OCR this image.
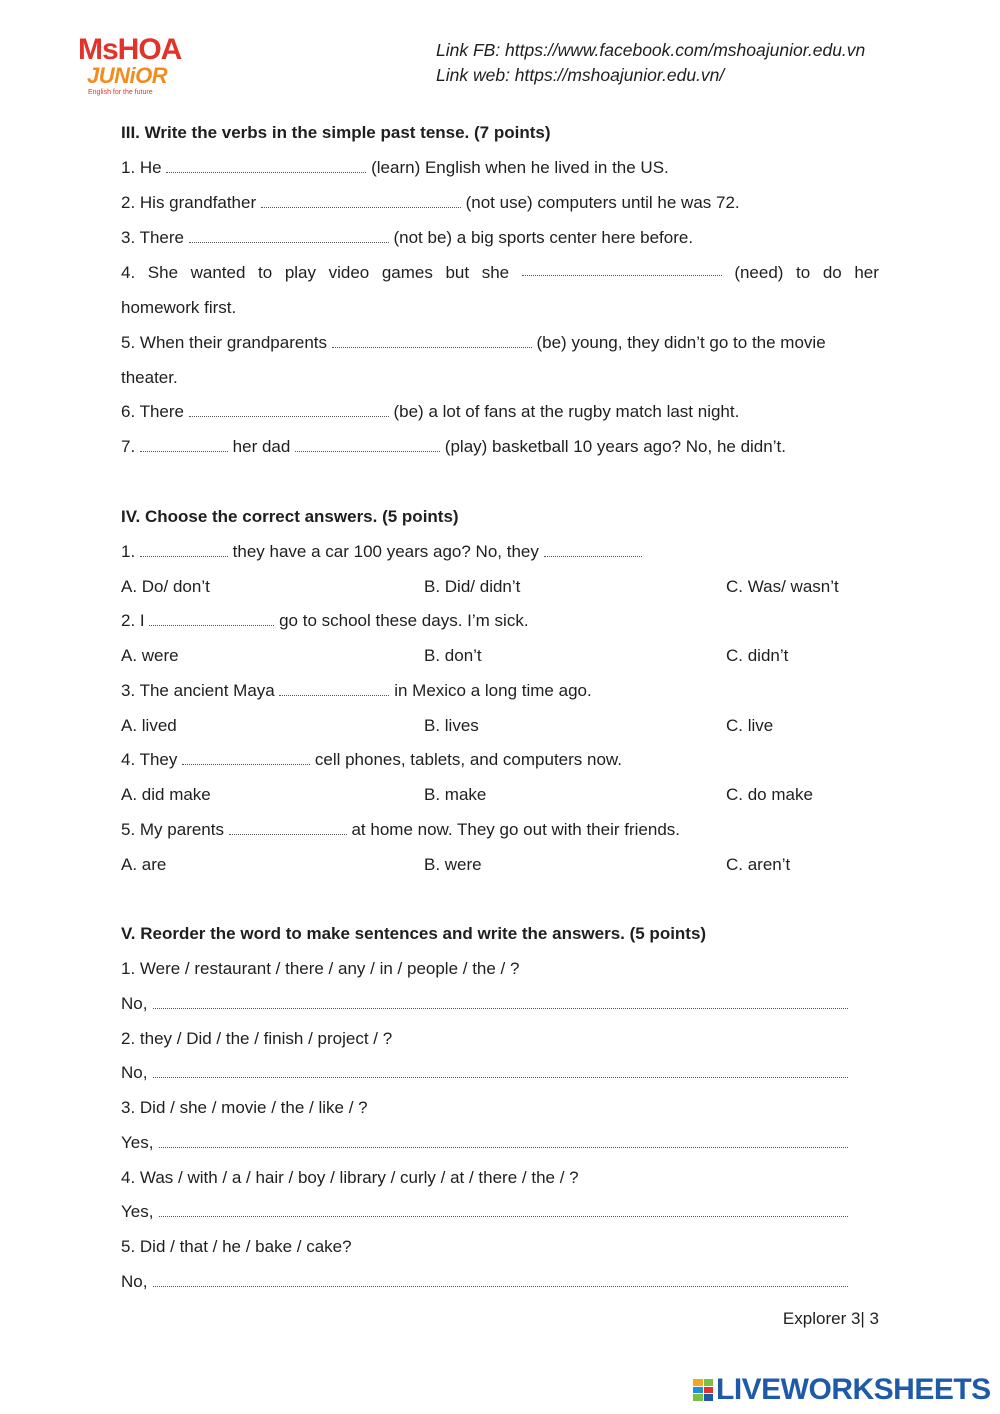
MsHOA
JUNiOR
English for the future
Link FB: https://www.facebook.com/mshoajunior.edu.vn
Link web: https://mshoajunior.edu.vn/
III. Write the verbs in the simple past tense. (7 points)
1. He	(learn) English when he lived in the US.
2. His grandfather	(not use) computers until he was 72.
3. There	(not be) a big sports center here before.
4. She wanted to play video games but she	(need) to do her
homework first.
5. When their grandparents	(be) young, they didn’t go to the movie
theater.
6. There	(be) a lot of fans at the rugby match last night.
7.	her dad	(play) basketball 10 years ago? No, he didn’t.
IV. Choose the correct answers. (5 points)
1.	they have a car 100 years ago? No, they
A. Do/ don’t	B. Did/ didn’t	C. Was/ wasn’t
2. I	go to school these days. I’m sick.
A. were	B. don’t	C. didn’t
3. The ancient Maya	in Mexico a long time ago.
A. lived	B. lives	C. live
4. They	cell phones, tablets, and computers now.
A. did make	B. make	C. do make
5. My parents	at home now. They go out with their friends.
A. are	B. were	C. aren’t
V. Reorder the word to make sentences and write the answers. (5 points)
1. Were / restaurant / there / any / in / people / the / ?
No,
2. they / Did / the / finish / project / ?
No,
3. Did / she / movie / the / like / ?
Yes,
4. Was / with / a / hair / boy / library / curly / at / there / the / ?
Yes,
5. Did / that / he / bake / cake?
No,
Explorer 3| 3
LIVEWORKSHEETS
